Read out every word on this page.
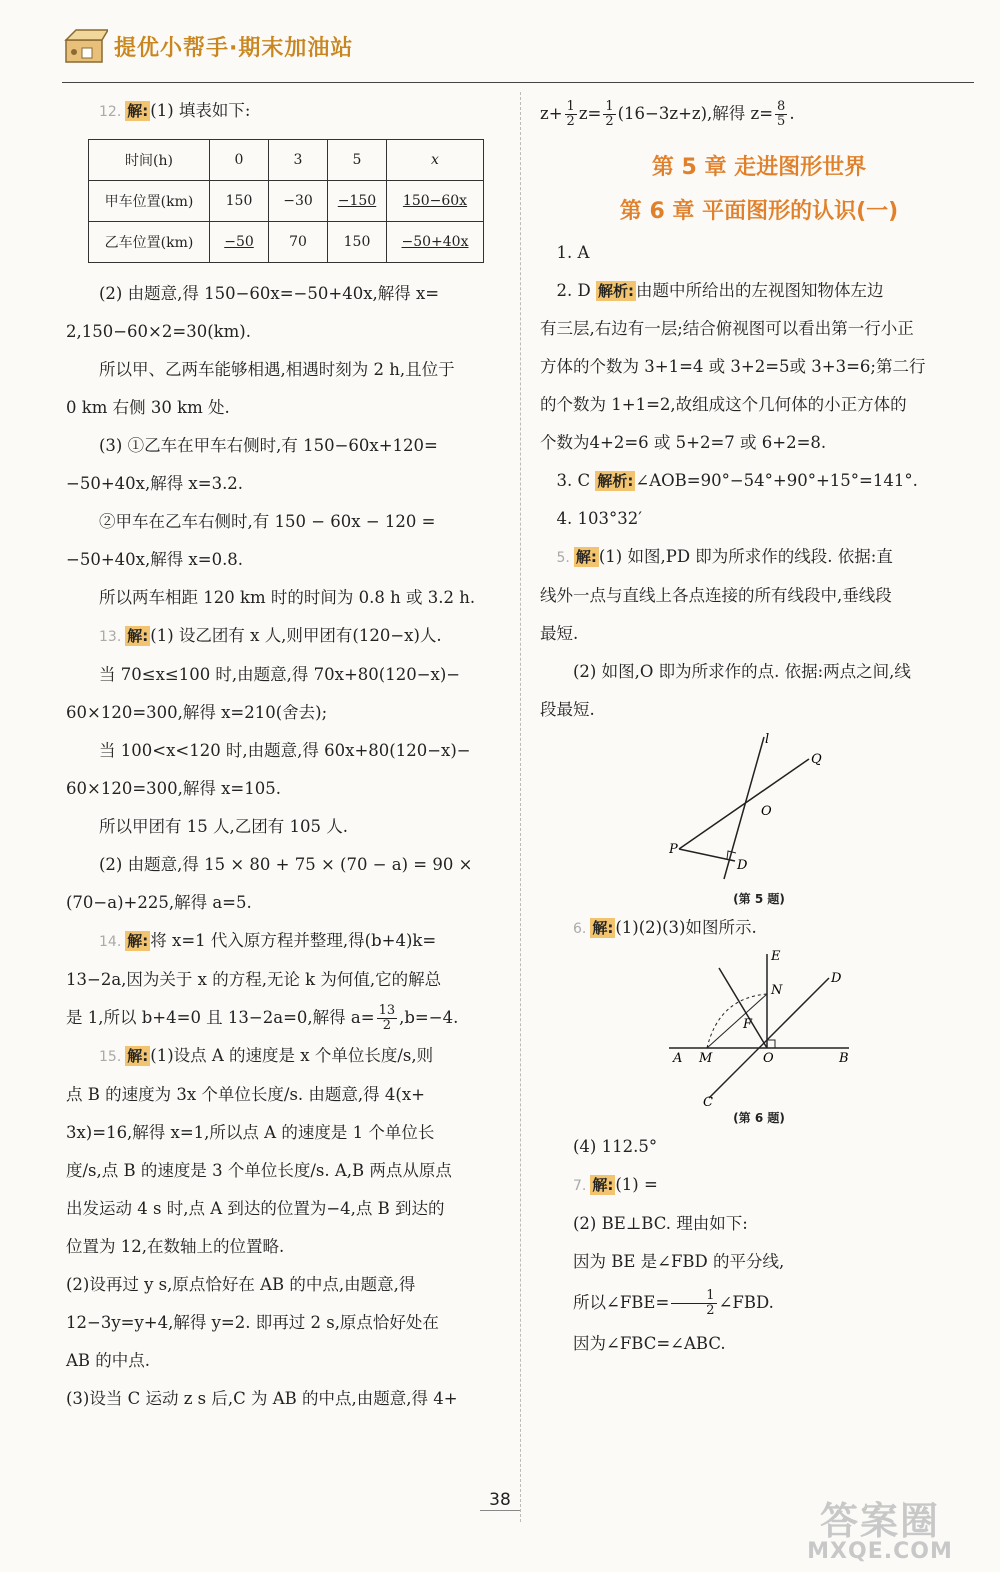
提优小帮手·期末加油站

12. 解: (1) 填表如下:

时间(h)	0	3	5	x
甲车位置(km)	150	−30	−150	150−60x
乙车位置(km)	−50	70	150	−50+40x

(2) 由题意,得 150−60x=−50+40x,解得 x=

2,150−60×2=30(km).

所以甲、乙两车能够相遇,相遇时刻为 2 h,且位于

0 km 右侧 30 km 处.

(3) ①乙车在甲车右侧时,有 150−60x+120=

−50+40x,解得 x=3.2.

②甲车在乙车右侧时,有 150 − 60x − 120 =

−50+40x,解得 x=0.8.

所以两车相距 120 km 时的时间为 0.8 h 或 3.2 h.

13. 解: (1) 设乙团有 x 人,则甲团有(120−x)人.

当 70≤x≤100 时,由题意,得 70x+80(120−x)−

60×120=300,解得 x=210(舍去);

当 100<x<120 时,由题意,得 60x+80(120−x)−

60×120=300,解得 x=105.

所以甲团有 15 人,乙团有 105 人.

(2) 由题意,得 15 × 80 + 75 × (70 − a) = 90 ×

(70−a)+225,解得 a=5.

14. 解: 将 x=1 代入原方程并整理,得(b+4)k=

13−2a,因为关于 x 的方程,无论 k 为何值,它的解总

是 1,所以 b+4=0 且 13−2a=0,解得 $a= \frac{13}{2} ,b=-4$.

15. 解: (1)设点 A 的速度是 x 个单位长度/s,则

点 B 的速度为 3x 个单位长度/s. 由题意,得 4(x+

3x)=16,解得 x=1,所以点 A 的速度是 1 个单位长

度/s,点 B 的速度是 3 个单位长度/s. A,B 两点从原点

出发运动 4 s 时,点 A 到达的位置为−4,点 B 到达的

位置为 12,在数轴上的位置略.

(2)设再过 y s,原点恰好在 AB 的中点,由题意,得

12−3y=y+4,解得 y=2. 即再过 2 s,原点恰好处在

AB 的中点.

(3)设当 C 运动 z s 后,C 为 AB 的中点,由题意,得 4+

$z+ \frac{1}{2} z= \frac{1}{2} (16-3z+z)$,解得 $z= \frac{8}{5}$ .

第 5 章 走进图形世界
第 6 章 平面图形的认识(一)

1. A

2. D 解析: 由题中所给出的左视图知物体左边

有三层,右边有一层;结合俯视图可以看出第一行小正

方体的个数为 3+1=4 或 3+2=5或 3+3=6;第二行

的个数为 1+1=2,故组成这个几何体的小正方体的

个数为4+2=6 或 5+2=7 或 6+2=8.

3. C 解析: ∠AOB=90°−54°+90°+15°=141°.

4. 103°32′

5. 解: (1) 如图,PD 即为所求作的线段. 依据:直

线外一点与直线上各点连接的所有线段中,垂线段

最短.

(2) 如图,O 即为所求作的点. 依据:两点之间,线

段最短.

l
Q
O
P
D
(第 5 题)

6. 解: (1)(2)(3)如图所示.

E
N
D
F
A M	O	B
C
(第 6 题)

(4) 112.5°

7. 解: (1) =

(2) BE⊥BC. 理由如下:

因为 BE 是∠FBD 的平分线,

所以∠FBE= $\frac{1}{2}$ ∠FBD.

因为∠FBC=∠ABC.

38	答案圈
MXQE.COM
